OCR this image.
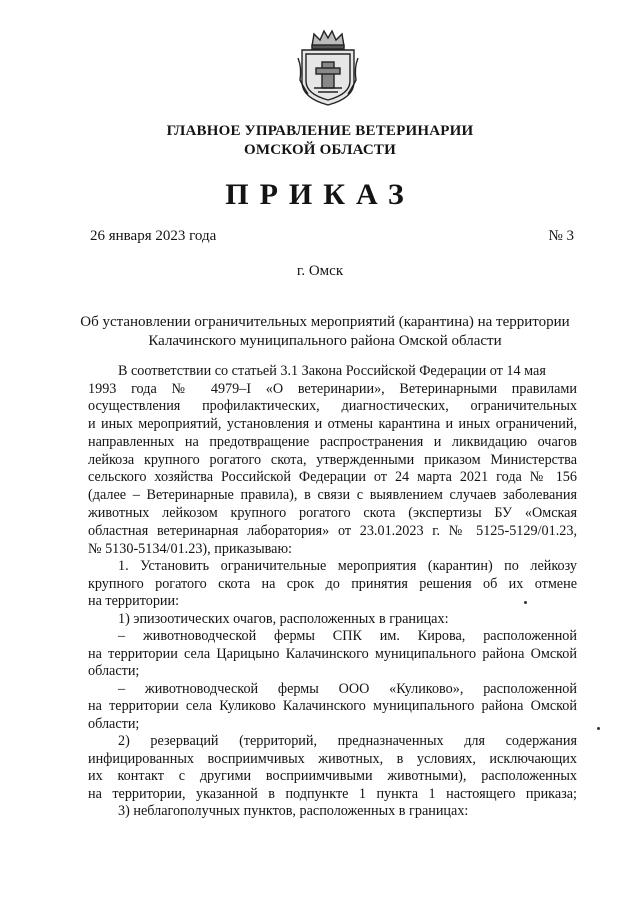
ГЛАВНОЕ УПРАВЛЕНИЕ ВЕТЕРИНАРИИ
ОМСКОЙ ОБЛАСТИ
ПРИКАЗ
26 января 2023 года	№ 3
г. Омск
Об установлении ограничительных мероприятий (карантина) на территории
Калачинского муниципального района Омской области
В соответствии со статьей 3.1 Закона Российской Федерации от 14 мая
1993 года № 4979–I «О ветеринарии», Ветеринарными правилами
осуществления профилактических, диагностических, ограничительных
и иных мероприятий, установления и отмены карантина и иных ограничений,
направленных на предотвращение распространения и ликвидацию очагов
лейкоза крупного рогатого скота, утвержденными приказом Министерства
сельского хозяйства Российской Федерации от 24 марта 2021 года № 156
(далее – Ветеринарные правила), в связи с выявлением случаев заболевания
животных лейкозом крупного рогатого скота (экспертизы БУ «Омская
областная ветеринарная лаборатория» от 23.01.2023 г. № 5125-5129/01.23,
№ 5130-5134/01.23), приказываю:
1. Установить ограничительные мероприятия (карантин) по лейкозу
крупного рогатого скота на срок до принятия решения об их отмене
на территории:
1) эпизоотических очагов, расположенных в границах:
– животноводческой фермы СПК им. Кирова, расположенной
на территории села Царицыно Калачинского муниципального района Омской
области;
– животноводческой фермы ООО «Куликово», расположенной
на территории села Куликово Калачинского муниципального района Омской
области;
2) резерваций (территорий, предназначенных для содержания
инфицированных восприимчивых животных, в условиях, исключающих
их контакт с другими восприимчивыми животными), расположенных
на территории, указанной в подпункте 1 пункта 1 настоящего приказа;
3) неблагополучных пунктов, расположенных в границах:
